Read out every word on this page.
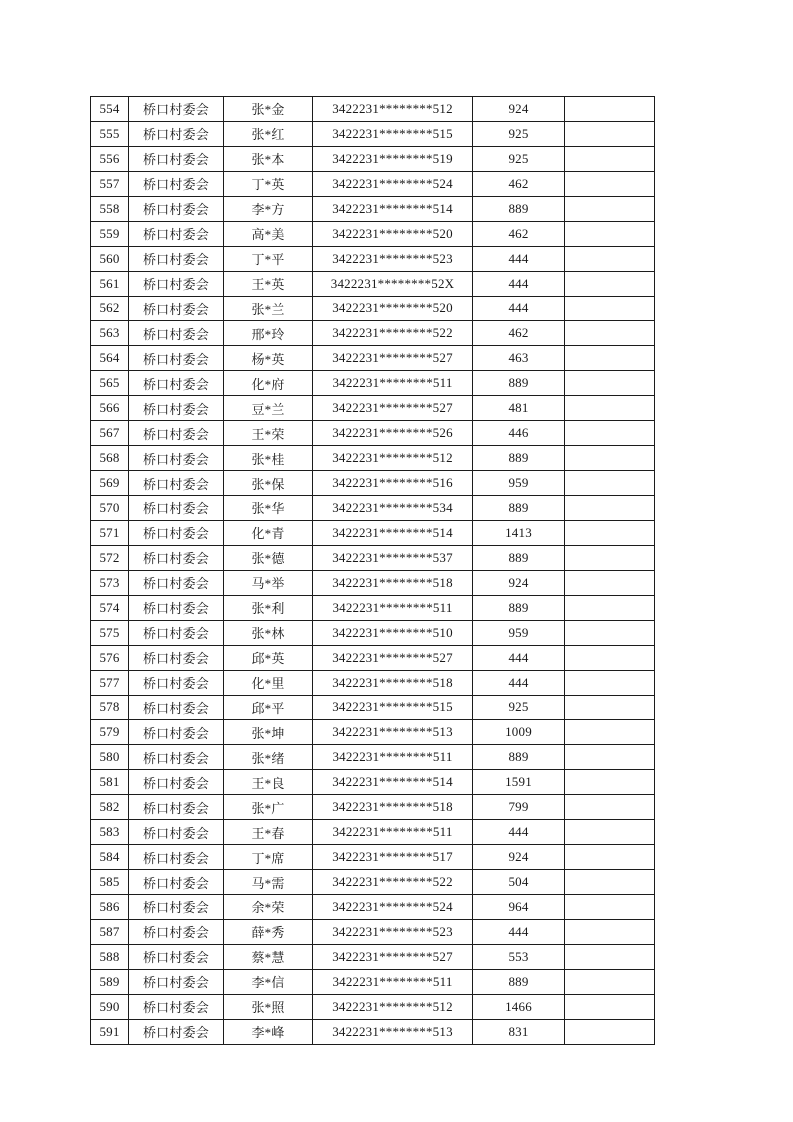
554	桥口村委会	张*金	3422231********512	924	
555	桥口村委会	张*红	3422231********515	925	
556	桥口村委会	张*本	3422231********519	925	
557	桥口村委会	丁*英	3422231********524	462	
558	桥口村委会	李*方	3422231********514	889	
559	桥口村委会	高*美	3422231********520	462	
560	桥口村委会	丁*平	3422231********523	444	
561	桥口村委会	王*英	3422231********52X	444	
562	桥口村委会	张*兰	3422231********520	444	
563	桥口村委会	邢*玲	3422231********522	462	
564	桥口村委会	杨*英	3422231********527	463	
565	桥口村委会	化*府	3422231********511	889	
566	桥口村委会	豆*兰	3422231********527	481	
567	桥口村委会	王*荣	3422231********526	446	
568	桥口村委会	张*桂	3422231********512	889	
569	桥口村委会	张*保	3422231********516	959	
570	桥口村委会	张*华	3422231********534	889	
571	桥口村委会	化*青	3422231********514	1413	
572	桥口村委会	张*德	3422231********537	889	
573	桥口村委会	马*举	3422231********518	924	
574	桥口村委会	张*利	3422231********511	889	
575	桥口村委会	张*林	3422231********510	959	
576	桥口村委会	邱*英	3422231********527	444	
577	桥口村委会	化*里	3422231********518	444	
578	桥口村委会	邱*平	3422231********515	925	
579	桥口村委会	张*坤	3422231********513	1009	
580	桥口村委会	张*绪	3422231********511	889	
581	桥口村委会	王*良	3422231********514	1591	
582	桥口村委会	张*广	3422231********518	799	
583	桥口村委会	王*春	3422231********511	444	
584	桥口村委会	丁*席	3422231********517	924	
585	桥口村委会	马*需	3422231********522	504	
586	桥口村委会	余*荣	3422231********524	964	
587	桥口村委会	薛*秀	3422231********523	444	
588	桥口村委会	蔡*慧	3422231********527	553	
589	桥口村委会	李*信	3422231********511	889	
590	桥口村委会	张*照	3422231********512	1466	
591	桥口村委会	李*峰	3422231********513	831	
